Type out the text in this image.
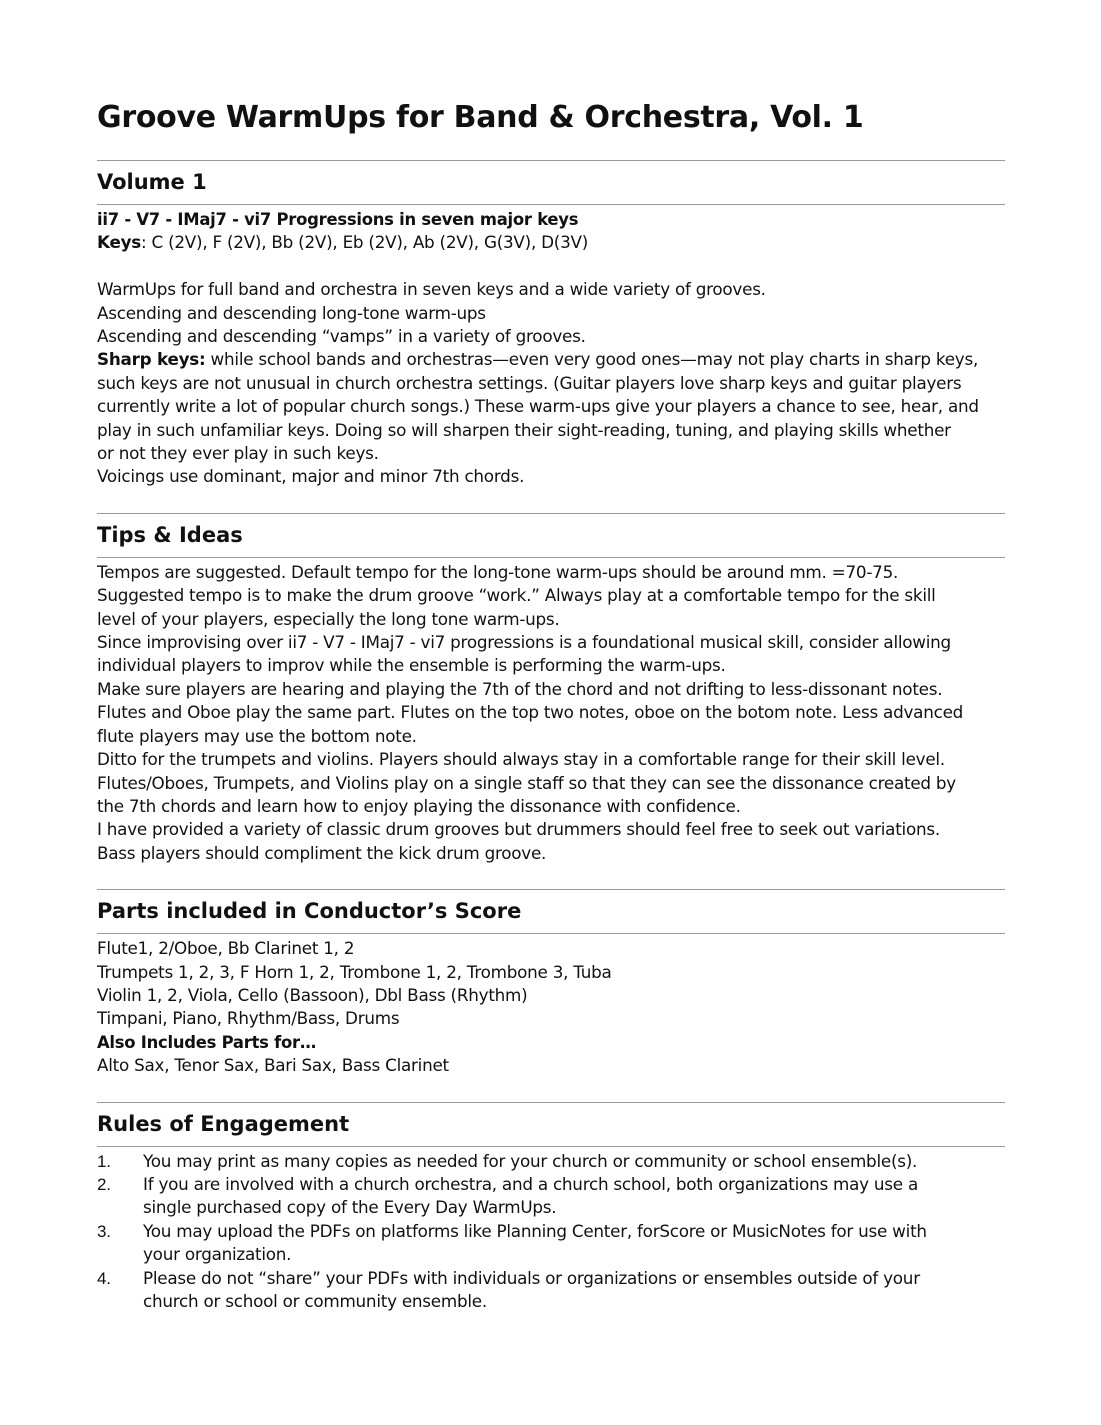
Groove WarmUps for Band & Orchestra, Vol. 1
Volume 1
ii7 - V7 - IMaj7 - vi7 Progressions in seven major keys
Keys: C (2V), F (2V), Bb (2V), Eb (2V), Ab (2V), G(3V), D(3V)
WarmUps for full band and orchestra in seven keys and a wide variety of grooves.
Ascending and descending long-tone warm-ups
Ascending and descending “vamps” in a variety of grooves.
Sharp keys: while school bands and orchestras—even very good ones—may not play charts in sharp keys,
such keys are not unusual in church orchestra settings. (Guitar players love sharp keys and guitar players
currently write a lot of popular church songs.) These warm-ups give your players a chance to see, hear, and
play in such unfamiliar keys. Doing so will sharpen their sight-reading, tuning, and playing skills whether
or not they ever play in such keys.
Voicings use dominant, major and minor 7th chords.
Tips & Ideas
Tempos are suggested. Default tempo for the long-tone warm-ups should be around mm. =70-75.
Suggested tempo is to make the drum groove “work.” Always play at a comfortable tempo for the skill
level of your players, especially the long tone warm-ups.
Since improvising over ii7 - V7 - IMaj7 - vi7 progressions is a foundational musical skill, consider allowing
individual players to improv while the ensemble is performing the warm-ups.
Make sure players are hearing and playing the 7th of the chord and not drifting to less-dissonant notes.
Flutes and Oboe play the same part. Flutes on the top two notes, oboe on the botom note. Less advanced
flute players may use the bottom note.
Ditto for the trumpets and violins. Players should always stay in a comfortable range for their skill level.
Flutes/Oboes, Trumpets, and Violins play on a single staff so that they can see the dissonance created by
the 7th chords and learn how to enjoy playing the dissonance with confidence.
I have provided a variety of classic drum grooves but drummers should feel free to seek out variations.
Bass players should compliment the kick drum groove.
Parts included in Conductor’s Score
Flute1, 2/Oboe, Bb Clarinet 1, 2
Trumpets 1, 2, 3, F Horn 1, 2, Trombone 1, 2, Trombone 3, Tuba
Violin 1, 2, Viola, Cello (Bassoon), Dbl Bass (Rhythm)
Timpani, Piano, Rhythm/Bass, Drums
Also Includes Parts for…
Alto Sax, Tenor Sax, Bari Sax, Bass Clarinet
Rules of Engagement
1. You may print as many copies as needed for your church or community or school ensemble(s).
2. If you are involved with a church orchestra, and a church school, both organizations may use a
single purchased copy of the Every Day WarmUps.
3. You may upload the PDFs on platforms like Planning Center, forScore or MusicNotes for use with
your organization.
4. Please do not “share” your PDFs with individuals or organizations or ensembles outside of your
church or school or community ensemble.
